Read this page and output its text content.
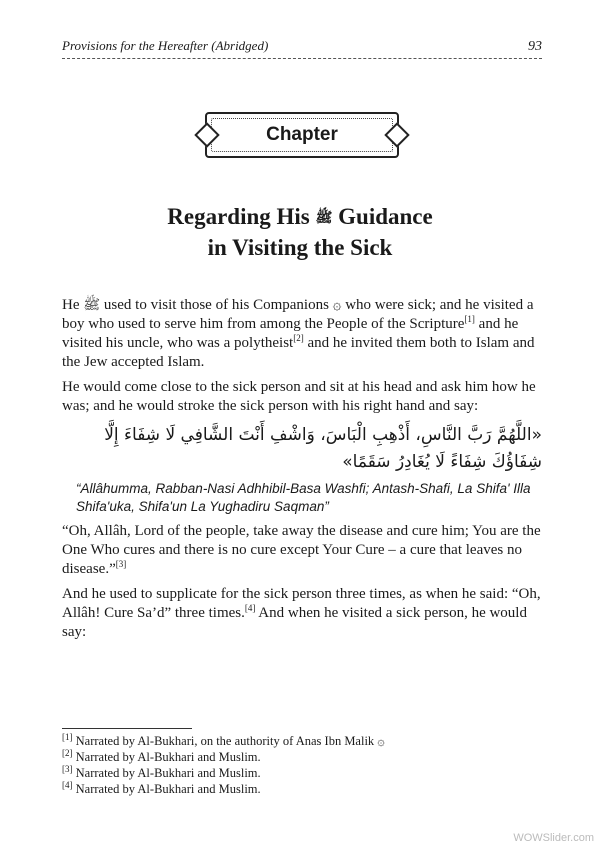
Provisions for the Hereafter (Abridged)	93
Chapter
Regarding His ﷺ Guidance
in Visiting the Sick

He ﷺ used to visit those of his Companions ۞ who were sick; and he visited a boy who used to serve him from among the People of the Scripture[1] and he visited his uncle, who was a polytheist[2] and he invited them both to Islam and the Jew accepted Islam.

He would come close to the sick person and sit at his head and ask him how he was; and he would stroke the sick person with his right hand and say:

«اللَّهُمَّ رَبَّ النَّاسِ، أَذْهِبِ الْبَاسَ، وَاشْفِ أَنْتَ الشَّافِي لَا شِفَاءَ إِلَّا شِفَاؤُكَ شِفَاءً لَا يُغَادِرُ سَقَمًا»
“Allâhumma, Rabban-Nasi Adhhibil-Basa Washfi; Antash-Shafi, La Shifa' Illa Shifa'uka, Shifa'un La Yughadiru Saqman”

“Oh, Allâh, Lord of the people, take away the disease and cure him; You are the One Who cures and there is no cure except Your Cure – a cure that leaves no disease.”[3]

And he used to supplicate for the sick person three times, as when he said: “Oh, Allâh! Cure Sa’d” three times.[4] And when he visited a sick person, he would say:

[1] Narrated by Al-Bukhari, on the authority of Anas Ibn Malik ۞

[2] Narrated by Al-Bukhari and Muslim.

[3] Narrated by Al-Bukhari and Muslim.

[4] Narrated by Al-Bukhari and Muslim.

WOWSlider.com
